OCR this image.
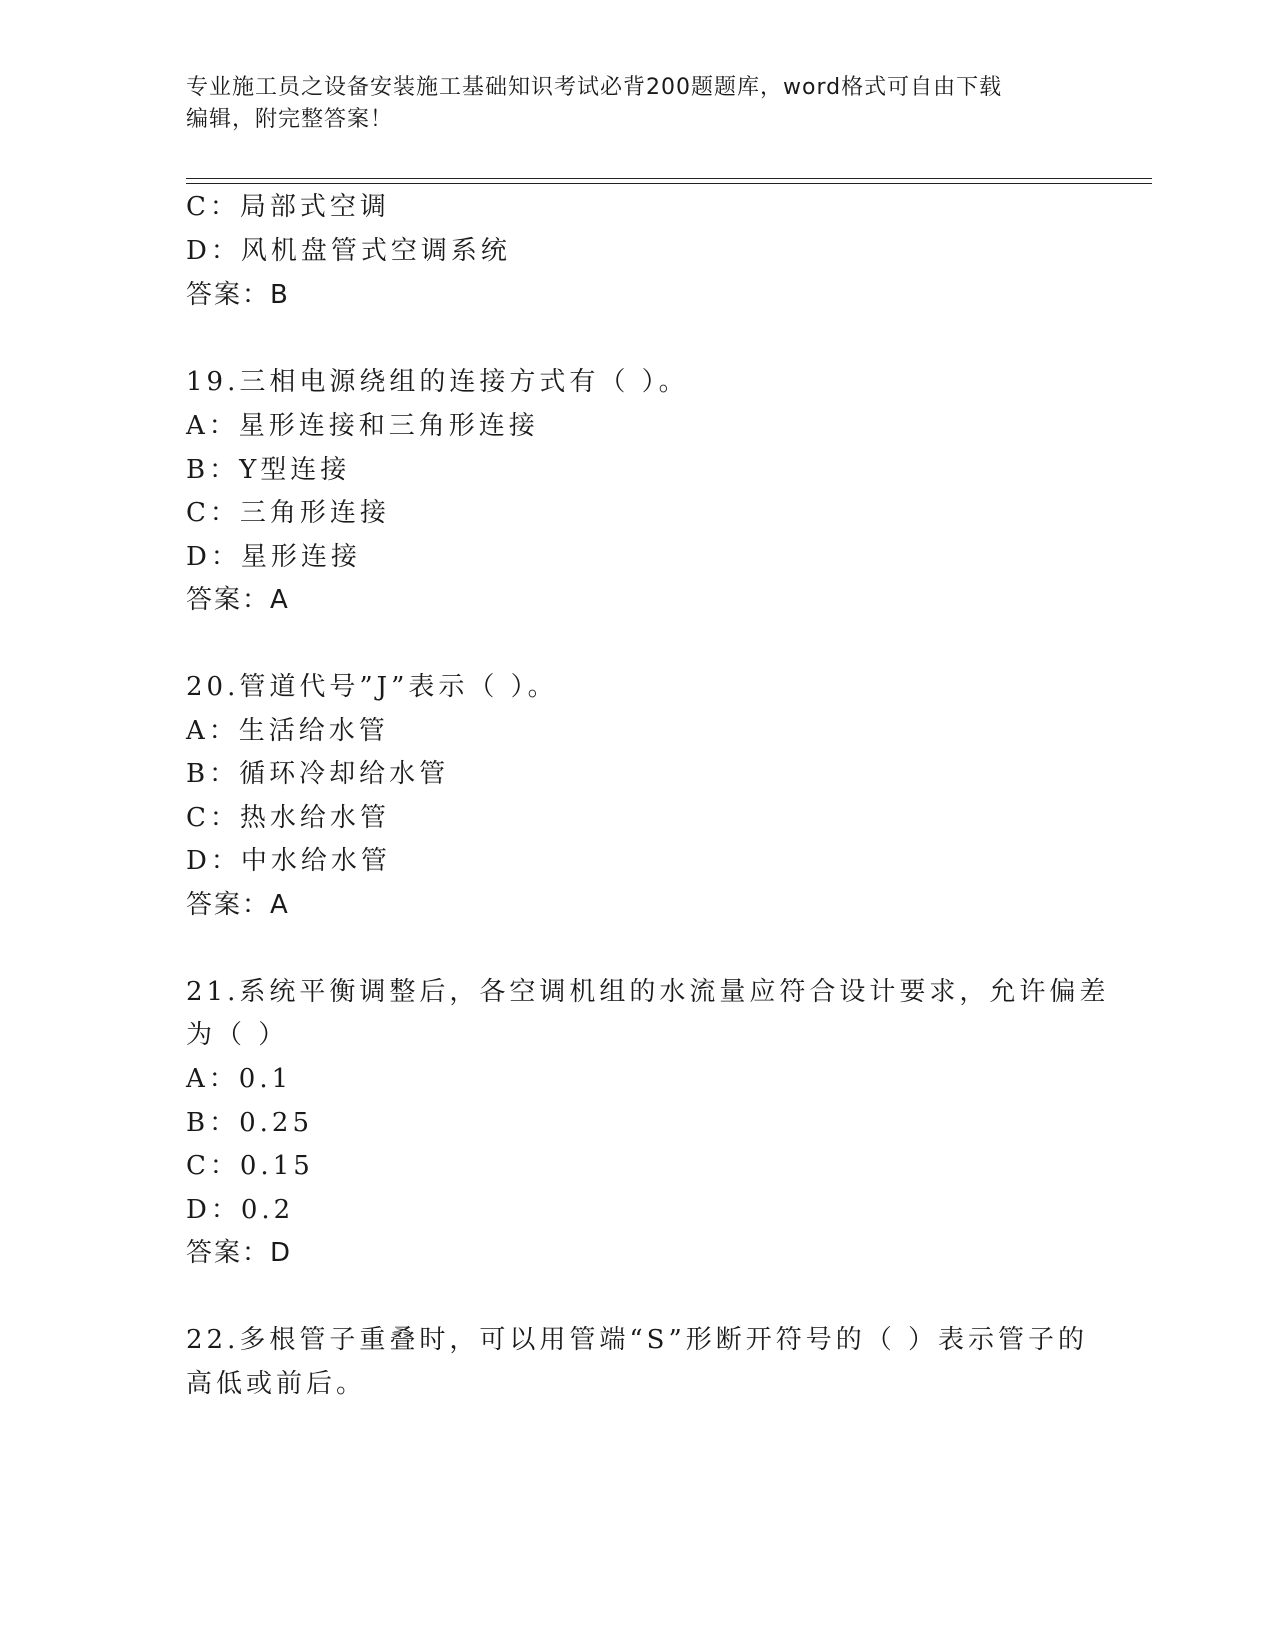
专业施工员之设备安装施工基础知识考试必背200题题库，word格式可自由下载
编辑，附完整答案！
C：局部式空调
D：风机盘管式空调系统
答案：B
19.三相电源绕组的连接方式有（ ）。
A：星形连接和三角形连接
B：Y型连接
C：三角形连接
D：星形连接
答案：A
20.管道代号”J”表示（ ）。
A：生活给水管
B：循环冷却给水管
C：热水给水管
D：中水给水管
答案：A
21.系统平衡调整后，各空调机组的水流量应符合设计要求，允许偏差
为（ ）
A：0.1
B：0.25
C：0.15
D：0.2
答案：D
22.多根管子重叠时，可以用管端“S”形断开符号的（ ）表示管子的
高低或前后。
